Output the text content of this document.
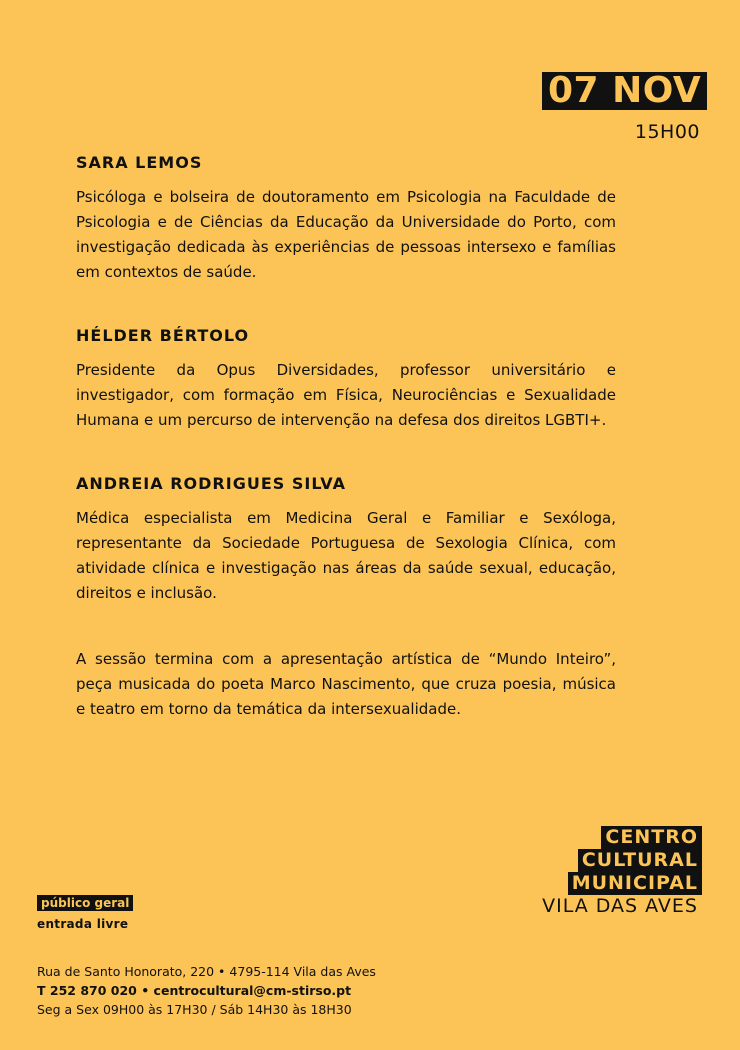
07 NOV
15H00

SARA LEMOS

Psicóloga e bolseira de doutoramento em Psicologia na Faculdade de Psicologia e de Ciências da Educação da Universidade do Porto, com investigação dedicada às experiências de pessoas intersexo e famílias em contextos de saúde.

HÉLDER BÉRTOLO

Presidente da Opus Diversidades, professor universitário e investigador, com formação em Física, Neurociências e Sexualidade Humana e um percurso de intervenção na defesa dos direitos LGBTI+.

ANDREIA RODRIGUES SILVA

Médica especialista em Medicina Geral e Familiar e Sexóloga, representante da Sociedade Portuguesa de Sexologia Clínica, com atividade clínica e investigação nas áreas da saúde sexual, educação, direitos e inclusão.

A sessão termina com a apresentação artística de “Mundo Inteiro”, peça musicada do poeta Marco Nascimento, que cruza poesia, música e teatro em torno da temática da intersexualidade.

CENTRO
CULTURAL
MUNICIPAL
VILA DAS AVES
público geral
entrada livre
Rua de Santo Honorato, 220 • 4795-114 Vila das Aves
T 252 870 020 • centrocultural@cm-stirso.pt
Seg a Sex 09H00 às 17H30 / Sáb 14H30 às 18H30
